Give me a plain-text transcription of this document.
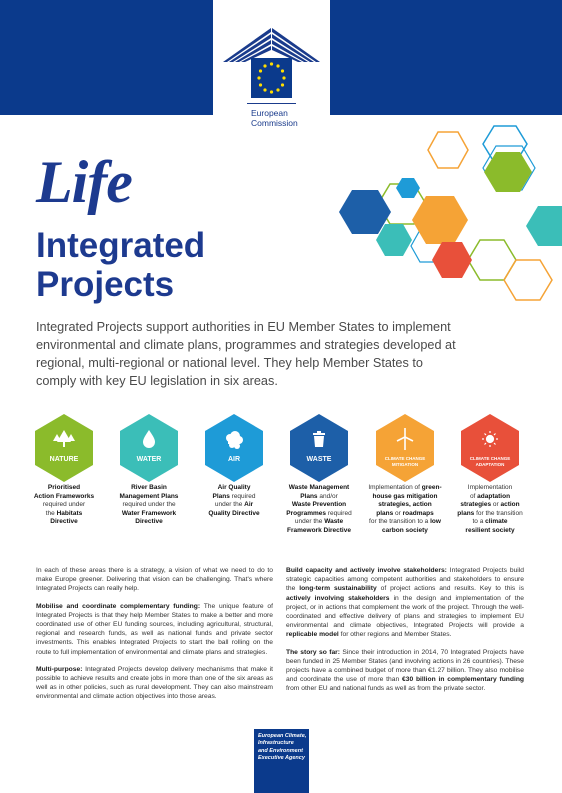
European
Commission
Life
Integrated
Projects
Integrated Projects support authorities in EU Member States to implement environmental and climate plans, programmes and strategies developed at regional, multi-regional or national level. They help Member States to comply with key EU legislation in six areas.
NATURE	WATER	AIR	WASTE	CLIMATE CHANGE MITIGATION
CLIMATE CHANGE ADAPTATION
Prioritised
Action Frameworks
required under
the Habitats
Directive
River Basin
Management Plans
required under the
Water Framework
Directive
Air Quality
Plans required
under the Air
Quality Directive
Waste Management
Plans and/or
Waste Prevention
Programmes required
under the Waste
Framework Directive
Implementation of green-
house gas mitigation
strategies, action
plans or roadmaps
for the transition to a low
carbon society
Implementation
of adaptation
strategies or action
plans for the transition
to a climate
resilient society

In each of these areas there is a strategy, a vision of what we need to do to make Europe greener. Delivering that vision can be challenging. That's where Integrated Projects can really help.

Mobilise and coordinate complementary funding: The unique feature of Integrated Projects is that they help Member States to make a better and more coordinated use of other EU funding sources, including agricultural, structural, regional and research funds, as well as national funds and private sector investments. This enables Integrated Projects to start the ball rolling on the route to full implementation of environmental and climate plans and strategies.

Multi-purpose: Integrated Projects develop delivery mechanisms that make it possible to achieve results and create jobs in more than one of the six areas as well as in other policies, such as rural development. They can also mainstream environmental and climate action objectives into those areas.

Build capacity and actively involve stakeholders: Integrated Projects build strategic capacities among competent authorities and stakeholders to ensure the long-term sustainability of project actions and results. Key to this is actively involving stakeholders in the design and implementation of the project, or in actions that complement the work of the project. Through the well-coordinated and effective delivery of plans and strategies to implement EU environmental and climate objectives, Integrated Projects will provide a replicable model for other regions and Member States.

The story so far: Since their introduction in 2014, 70 Integrated Projects have been funded in 25 Member States (and involving actions in 26 countries). These projects have a combined budget of more than €1.27 billion. They also mobilise and coordinate the use of more than €30 billion in complementary funding from other EU and national funds as well as from the private sector.

European Climate,
Infrastructure
and Environment
Executive Agency
